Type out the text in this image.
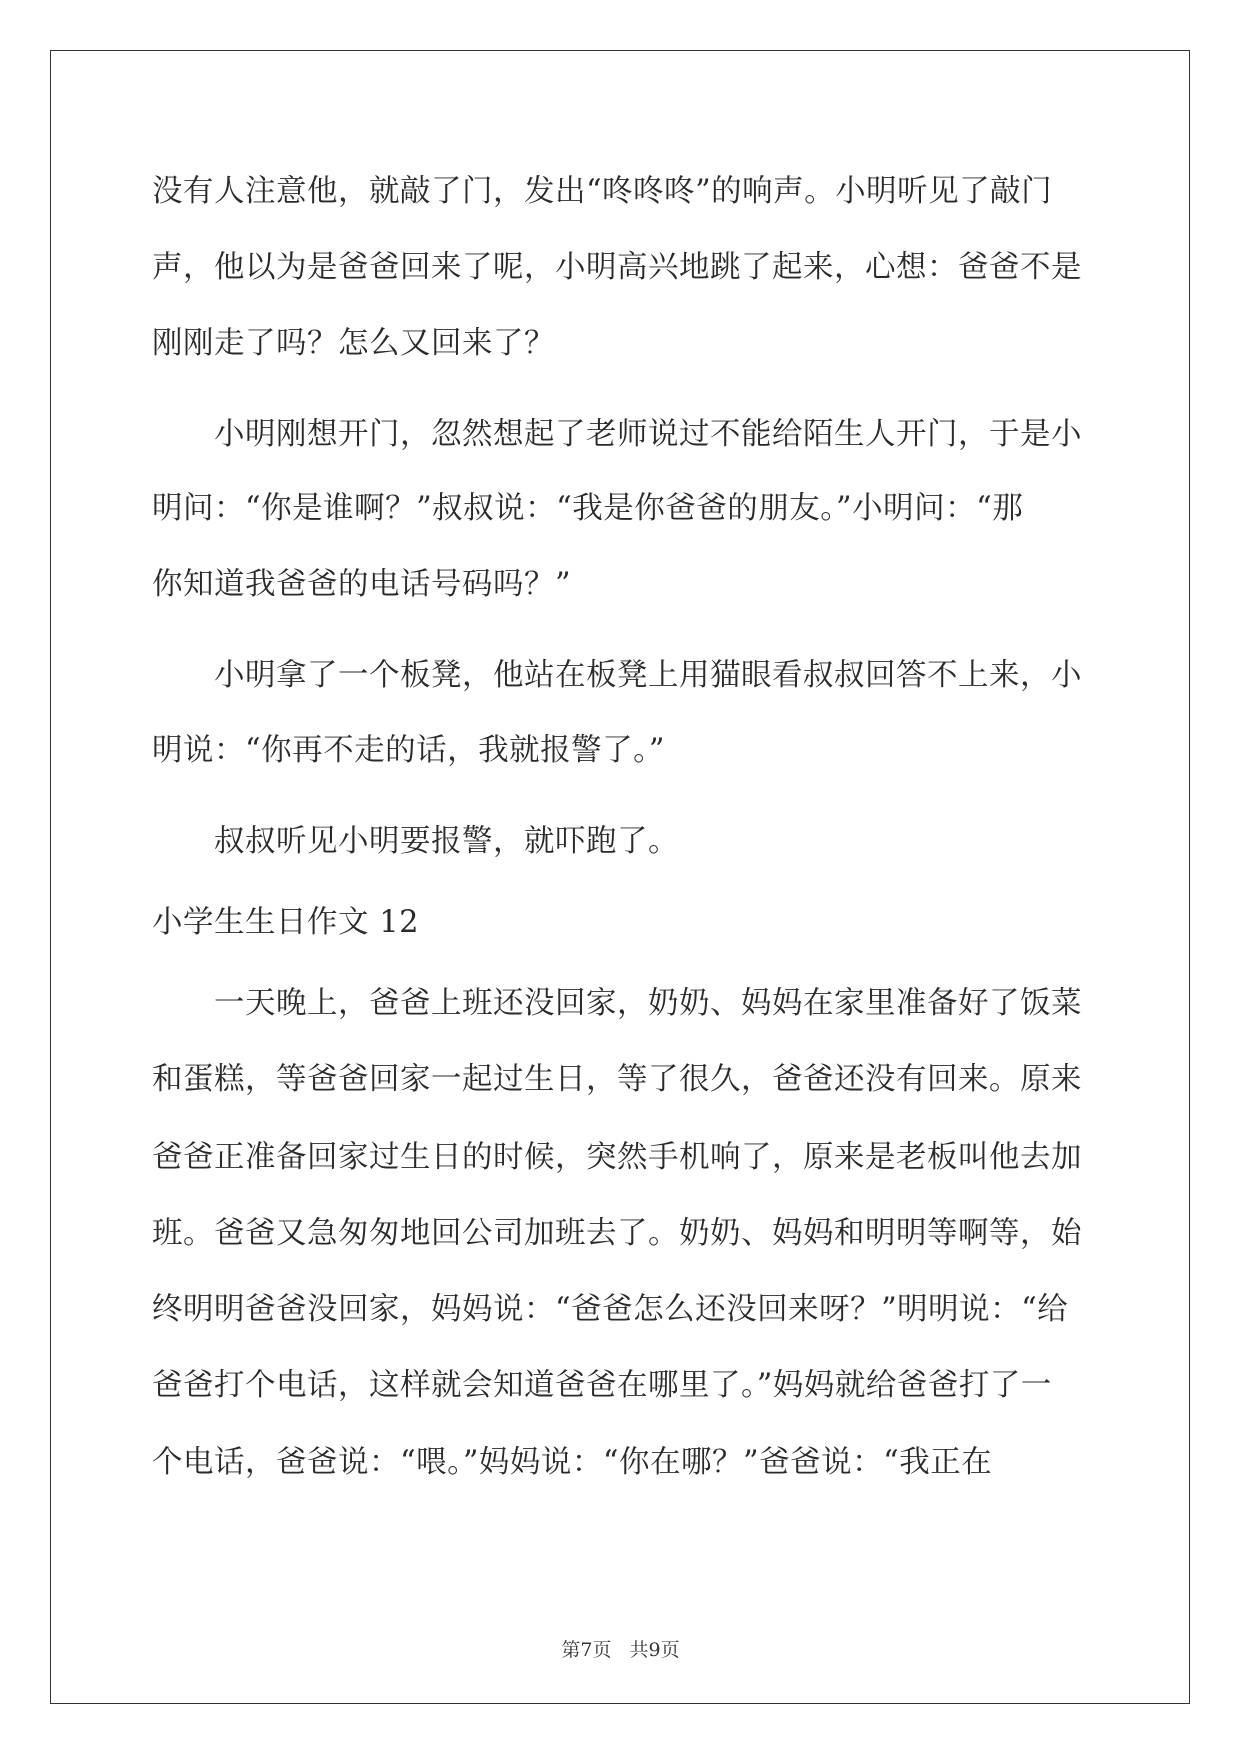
没有人注意他，就敲了门，发出“咚咚咚”的响声。小明听见了敲门
声，他以为是爸爸回来了呢，小明高兴地跳了起来，心想：爸爸不是
刚刚走了吗？怎么又回来了？
小明刚想开门，忽然想起了老师说过不能给陌生人开门，于是小
明问：“你是谁啊？”叔叔说：“我是你爸爸的朋友。”小明问：“那
你知道我爸爸的电话号码吗？”
小明拿了一个板凳，他站在板凳上用猫眼看叔叔回答不上来，小
明说：“你再不走的话，我就报警了。”
叔叔听见小明要报警，就吓跑了。
小学生生日作文 12
一天晚上，爸爸上班还没回家，奶奶、妈妈在家里准备好了饭菜
和蛋糕，等爸爸回家一起过生日，等了很久，爸爸还没有回来。原来
爸爸正准备回家过生日的时候，突然手机响了，原来是老板叫他去加
班。爸爸又急匆匆地回公司加班去了。奶奶、妈妈和明明等啊等，始
终明明爸爸没回家，妈妈说：“爸爸怎么还没回来呀？”明明说：“给
爸爸打个电话，这样就会知道爸爸在哪里了。”妈妈就给爸爸打了一
个电话，爸爸说：“喂。”妈妈说：“你在哪？”爸爸说：“我正在
第7页 共9页
